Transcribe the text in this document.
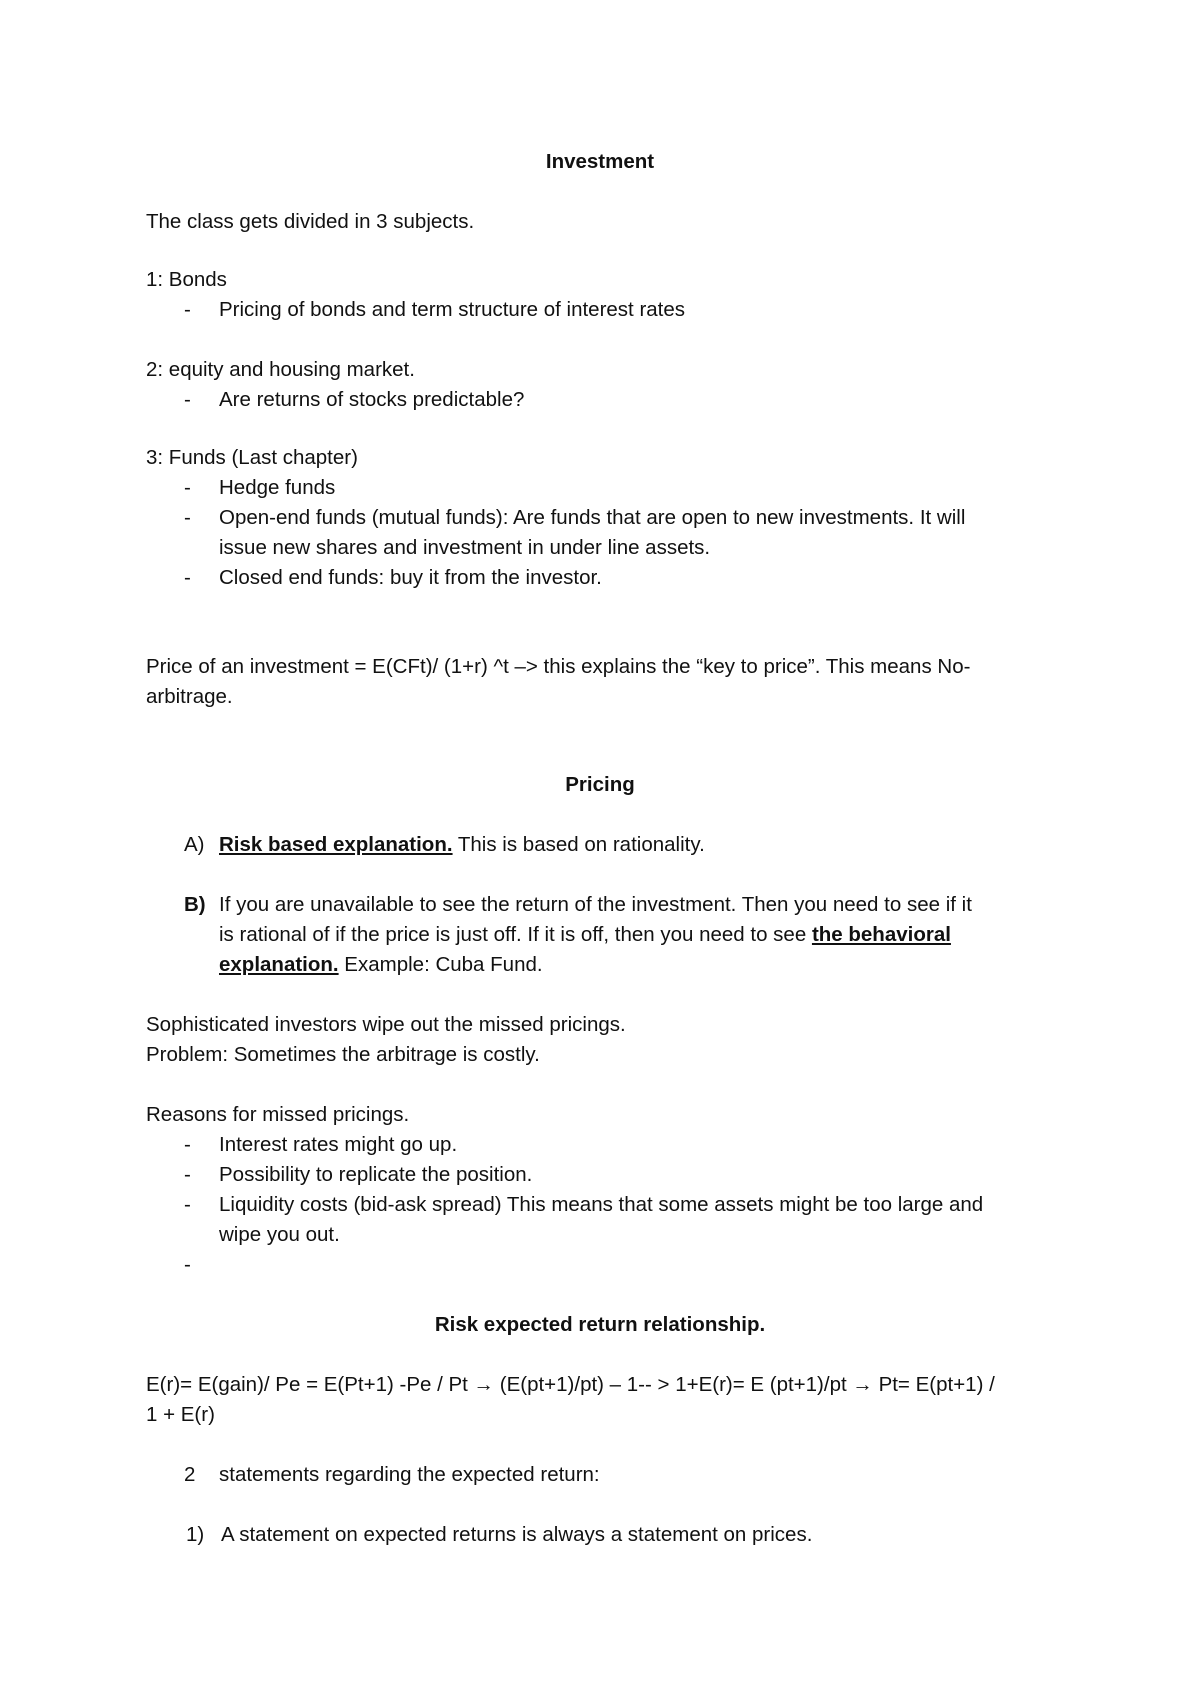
Investment
The class gets divided in 3 subjects.
1: Bonds
- Pricing of bonds and term structure of interest rates
2: equity and housing market.
- Are returns of stocks predictable?
3: Funds (Last chapter)
- Hedge funds
- Open-end funds (mutual funds): Are funds that are open to new investments. It will
issue new shares and investment in under line assets.
- Closed end funds: buy it from the investor.
Price of an investment = E(CFt)/ (1+r) ^t –> this explains the “key to price”. This means No-
arbitrage.
Pricing
A) Risk based explanation. This is based on rationality.
B) If you are unavailable to see the return of the investment. Then you need to see if it
is rational of if the price is just off. If it is off, then you need to see the behavioral
explanation. Example: Cuba Fund.
Sophisticated investors wipe out the missed pricings.
Problem: Sometimes the arbitrage is costly.
Reasons for missed pricings.
- Interest rates might go up.
- Possibility to replicate the position.
- Liquidity costs (bid-ask spread) This means that some assets might be too large and
wipe you out.
-
Risk expected return relationship.
E(r)= E(gain)/ Pe = E(Pt+1) -Pe / Pt → (E(pt+1)/pt) – 1-- > 1+E(r)= E (pt+1)/pt → Pt= E(pt+1) /
1 + E(r)
2 statements regarding the expected return:
1) A statement on expected returns is always a statement on prices.
